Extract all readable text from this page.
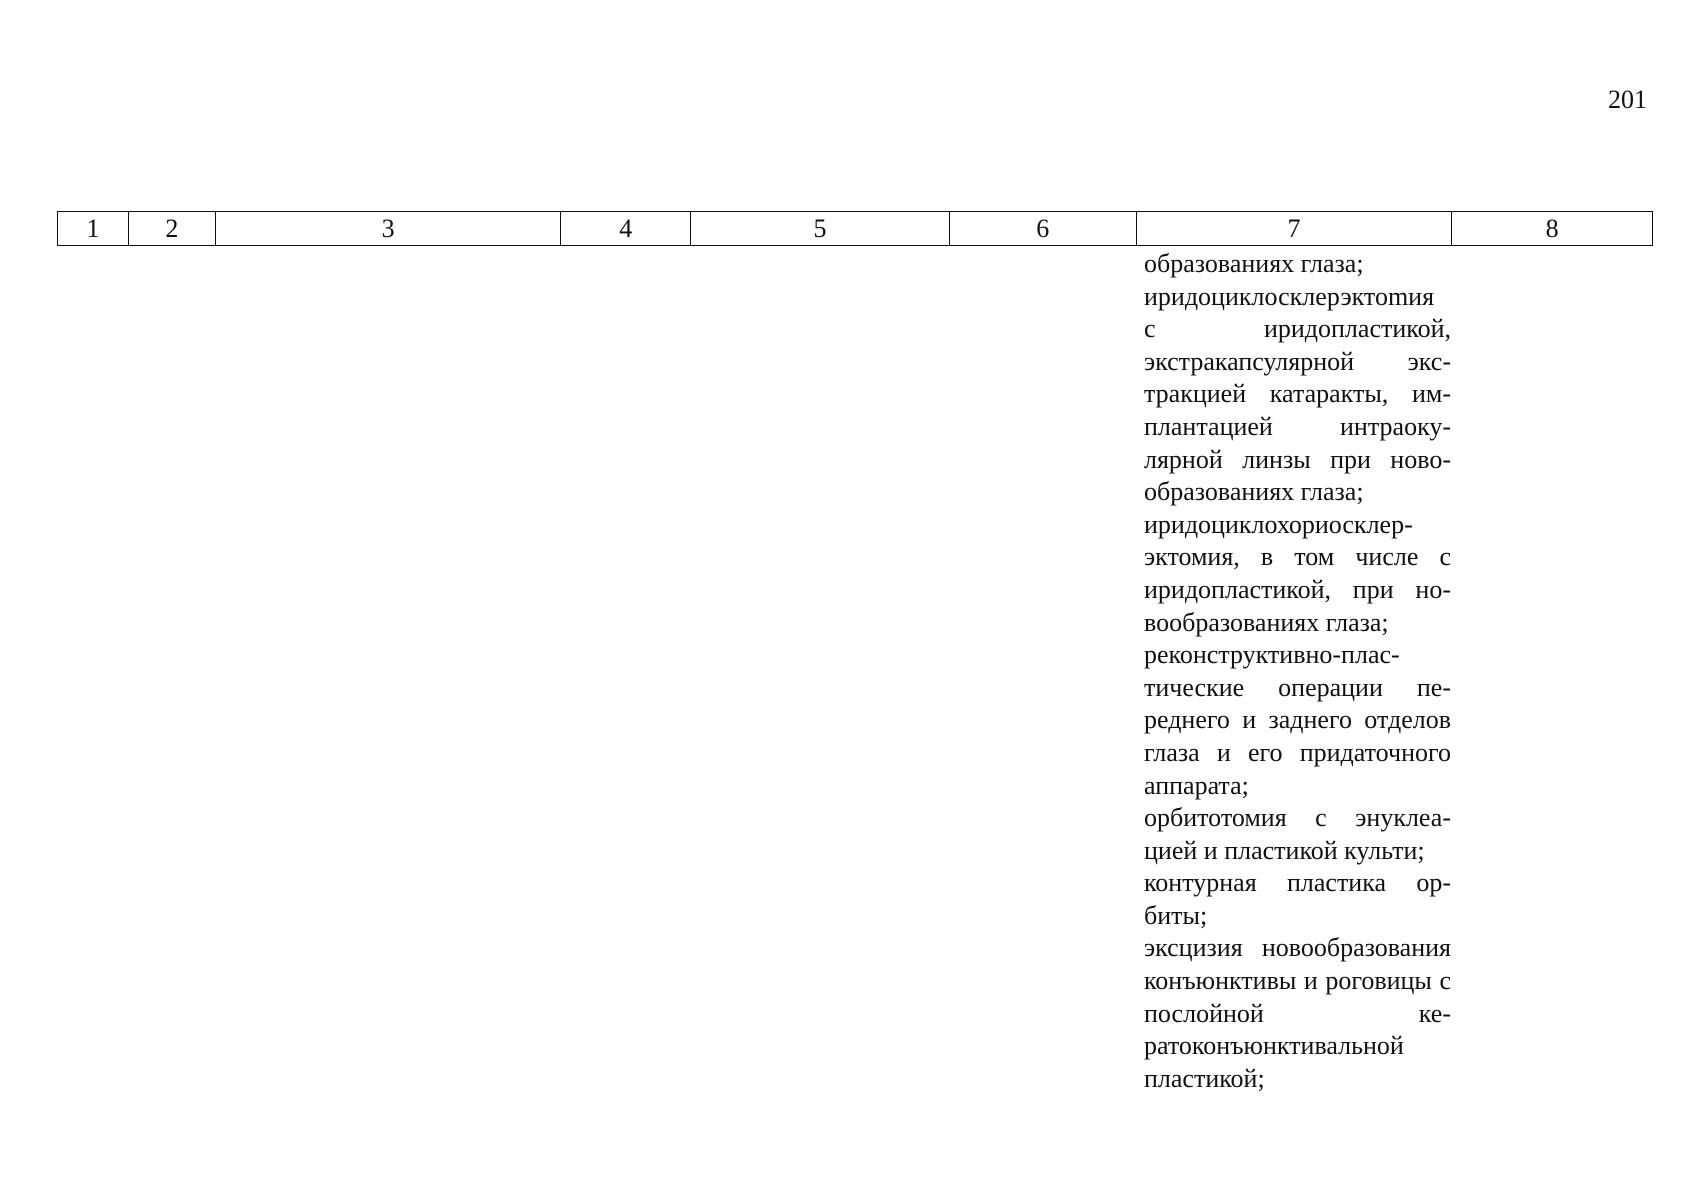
201
1	2	3	4	5	6	7	8
образованиях глаза;
иридоциклосклерэктоmия с иридопластикой, экстракапсулярной экстракцией катаракты, имплантацией интраокулярной линзы при новообразованиях глаза;
иридоциклохориосклерэктомия, в том числе с иридопластикой, при новообразованиях глаза;
реконструктивно-пластические операции переднего и заднего отделов глаза и его придаточного аппарата;
орбитотомия с энуклеацией и пластикой культи;
контурная пластика орбиты;
эксцизия новообразования конъюнктивы и роговицы с послойной кератоконъюнктивальной пластикой;
